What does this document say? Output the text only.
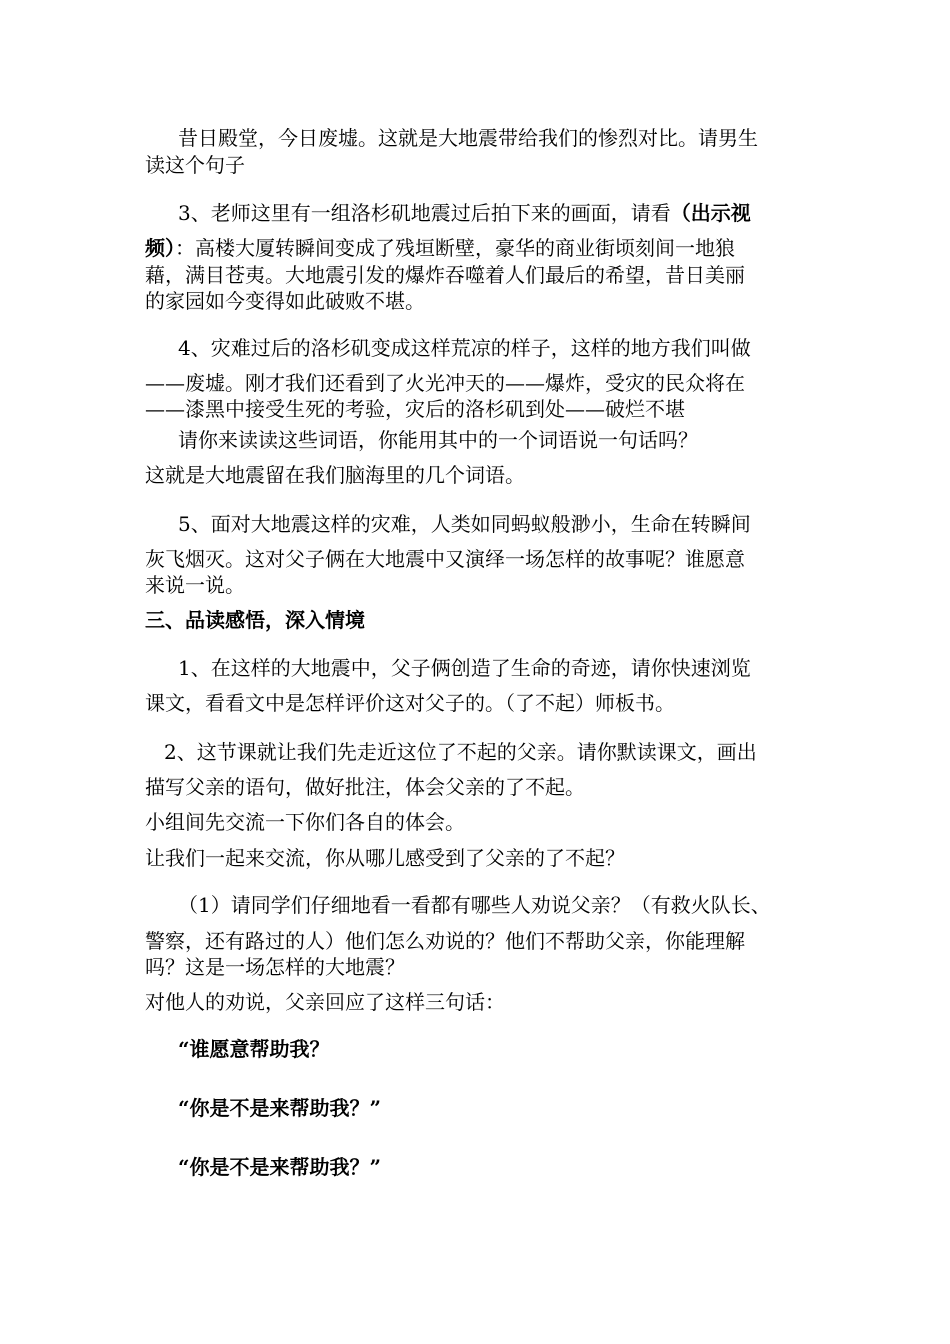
昔日殿堂，今日废墟。这就是大地震带给我们的惨烈对比。请男生
读这个句子
3、老师这里有一组洛杉矶地震过后拍下来的画面，请看（出示视
频）：高楼大厦转瞬间变成了残垣断壁，豪华的商业街顷刻间一地狼
藉，满目苍夷。大地震引发的爆炸吞噬着人们最后的希望，昔日美丽
的家园如今变得如此破败不堪。
4、灾难过后的洛杉矶变成这样荒凉的样子，这样的地方我们叫做
——废墟。刚才我们还看到了火光冲天的——爆炸，受灾的民众将在
——漆黑中接受生死的考验，灾后的洛杉矶到处——破烂不堪
请你来读读这些词语，你能用其中的一个词语说一句话吗？
这就是大地震留在我们脑海里的几个词语。
5、面对大地震这样的灾难，人类如同蚂蚁般渺小，生命在转瞬间
灰飞烟灭。这对父子俩在大地震中又演绎一场怎样的故事呢？谁愿意
来说一说。
三、品读感悟，深入情境
1、在这样的大地震中，父子俩创造了生命的奇迹，请你快速浏览
课文，看看文中是怎样评价这对父子的。（了不起）师板书。
2、这节课就让我们先走近这位了不起的父亲。请你默读课文，画出
描写父亲的语句，做好批注，体会父亲的了不起。
小组间先交流一下你们各自的体会。
让我们一起来交流，你从哪儿感受到了父亲的了不起？
（1）请同学们仔细地看一看都有哪些人劝说父亲？（有救火队长、
警察，还有路过的人）他们怎么劝说的？他们不帮助父亲，你能理解
吗？这是一场怎样的大地震？
对他人的劝说，父亲回应了这样三句话：
“谁愿意帮助我？
“你是不是来帮助我？”
“你是不是来帮助我？”
